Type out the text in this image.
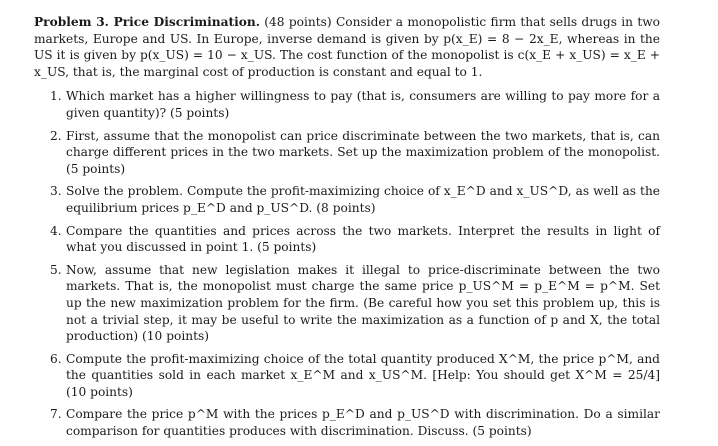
Problem 3. Price Discrimination. (48 points) Consider a monopolistic firm that sells drugs in two markets, Europe and US. In Europe, inverse demand is given by p(x_E) = 8 − 2x_E, whereas in the US it is given by p(x_US) = 10 − x_US. The cost function of the monopolist is c(x_E + x_US) = x_E + x_US, that is, the marginal cost of production is constant and equal to 1.
1. Which market has a higher willingness to pay (that is, consumers are willing to pay more for a given quantity)? (5 points)
2. First, assume that the monopolist can price discriminate between the two markets, that is, can charge different prices in the two markets. Set up the maximization problem of the monopolist. (5 points)
3. Solve the problem. Compute the profit-maximizing choice of x_E^D and x_US^D, as well as the equilibrium prices p_E^D and p_US^D. (8 points)
4. Compare the quantities and prices across the two markets. Interpret the results in light of what you discussed in point 1. (5 points)
5. Now, assume that new legislation makes it illegal to price-discriminate between the two markets. That is, the monopolist must charge the same price p_US^M = p_E^M = p^M. Set up the new maximization problem for the firm. (Be careful how you set this problem up, this is not a trivial step, it may be useful to write the maximization as a function of p and X, the total production) (10 points)
6. Compute the profit-maximizing choice of the total quantity produced X^M, the price p^M, and the quantities sold in each market x_E^M and x_US^M. [Help: You should get X^M = 25/4] (10 points)
7. Compare the price p^M with the prices p_E^D and p_US^D with discrimination. Do a similar comparison for quantities produces with discrimination. Discuss. (5 points)
